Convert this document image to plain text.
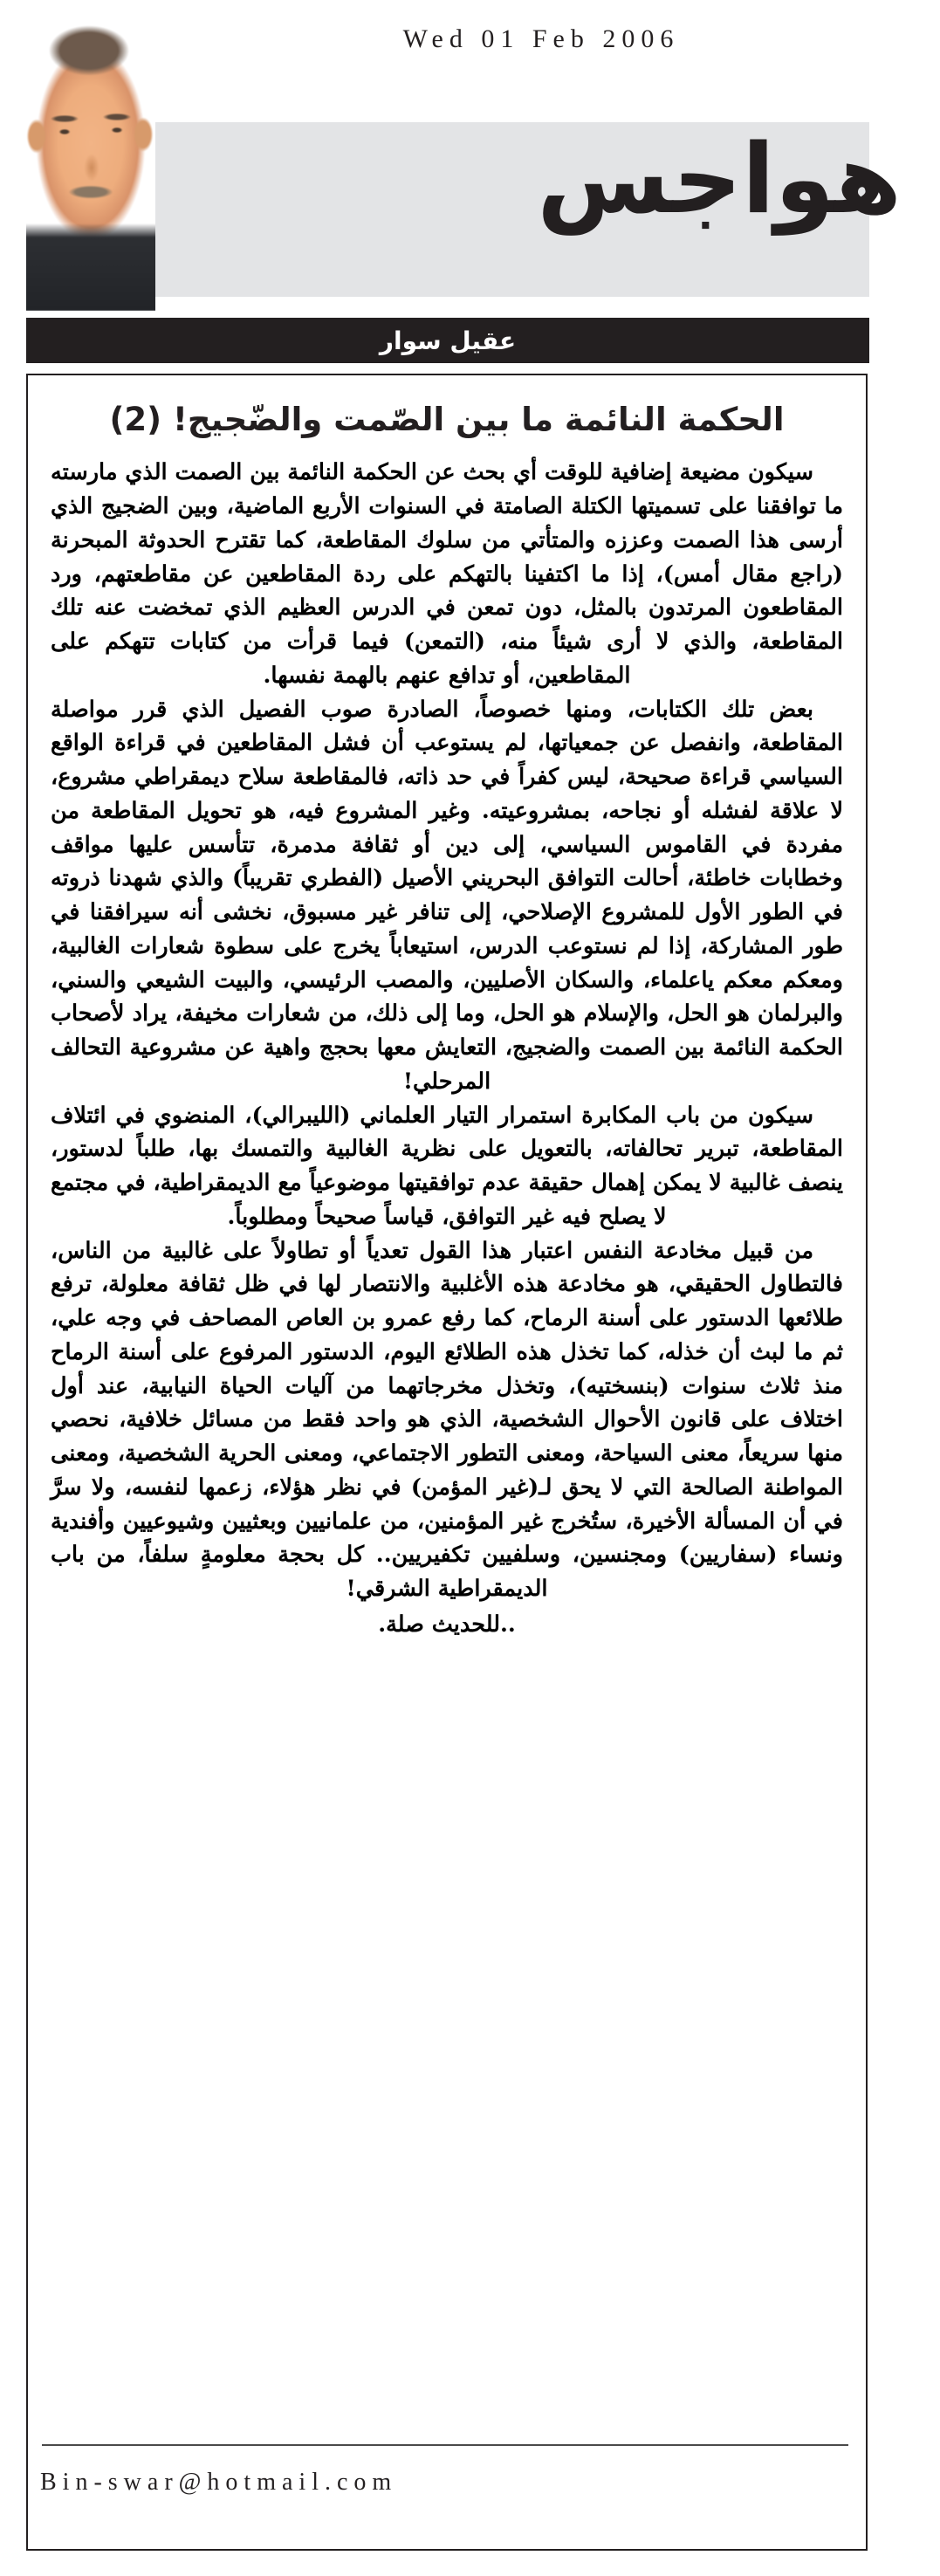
Wed 01 Feb 2006
هواجس
عقيل سوار
الحكمة النائمة ما بين الصّمت والضّجيج! (2)

سيكون مضيعة إضافية للوقت أي بحث عن الحكمة النائمة بين الصمت الذي مارسته ما توافقنا على تسميتها الكتلة الصامتة في السنوات الأربع الماضية، وبين الضجيج الذي أرسى هذا الصمت وعززه والمتأتي من سلوك المقاطعة، كما تقترح الحدوثة المبحرنة (راجع مقال أمس)، إذا ما اكتفينا بالتهكم على ردة المقاطعين عن مقاطعتهم، ورد المقاطعون المرتدون بالمثل، دون تمعن في الدرس العظيم الذي تمخضت عنه تلك المقاطعة، والذي لا أرى شيئاً منه، (التمعن) فيما قرأت من كتابات تتهكم على المقاطعين، أو تدافع عنهم بالهمة نفسها.

بعض تلك الكتابات، ومنها خصوصاً، الصادرة صوب الفصيل الذي قرر مواصلة المقاطعة، وانفصل عن جمعياتها، لم يستوعب أن فشل المقاطعين في قراءة الواقع السياسي قراءة صحيحة، ليس كفراً في حد ذاته، فالمقاطعة سلاح ديمقراطي مشروع، لا علاقة لفشله أو نجاحه، بمشروعيته. وغير المشروع فيه، هو تحويل المقاطعة من مفردة في القاموس السياسي، إلى دين أو ثقافة مدمرة، تتأسس عليها مواقف وخطابات خاطئة، أحالت التوافق البحريني الأصيل (الفطري تقريباً) والذي شهدنا ذروته في الطور الأول للمشروع الإصلاحي، إلى تنافر غير مسبوق، نخشى أنه سيرافقنا في طور المشاركة، إذا لم نستوعب الدرس، استيعاباً يخرج على سطوة شعارات الغالبية، ومعكم معكم ياعلماء، والسكان الأصليين، والمصب الرئيسي، والبيت الشيعي والسني، والبرلمان هو الحل، والإسلام هو الحل، وما إلى ذلك، من شعارات مخيفة، يراد لأصحاب الحكمة النائمة بين الصمت والضجيج، التعايش معها بحجج واهية عن مشروعية التحالف المرحلي!

سيكون من باب المكابرة استمرار التيار العلماني (الليبرالي)، المنضوي في ائتلاف المقاطعة، تبرير تحالفاته، بالتعويل على نظرية الغالبية والتمسك بها، طلباً لدستور، ينصف غالبية لا يمكن إهمال حقيقة عدم توافقيتها موضوعياً مع الديمقراطية، في مجتمع لا يصلح فيه غير التوافق، قياساً صحيحاً ومطلوباً.

من قبيل مخادعة النفس اعتبار هذا القول تعدياً أو تطاولاً على غالبية من الناس، فالتطاول الحقيقي، هو مخادعة هذه الأغلبية والانتصار لها في ظل ثقافة معلولة، ترفع طلائعها الدستور على أسنة الرماح، كما رفع عمرو بن العاص المصاحف في وجه علي، ثم ما لبث أن خذله، كما تخذل هذه الطلائع اليوم، الدستور المرفوع على أسنة الرماح منذ ثلاث سنوات (بنسختيه)، وتخذل مخرجاتهما من آليات الحياة النيابية، عند أول اختلاف على قانون الأحوال الشخصية، الذي هو واحد فقط من مسائل خلافية، نحصي منها سريعاً، معنى السياحة، ومعنى التطور الاجتماعي، ومعنى الحرية الشخصية، ومعنى المواطنة الصالحة التي لا يحق لـ(غير المؤمن) في نظر هؤلاء، زعمها لنفسه، ولا سرَّ في أن المسألة الأخيرة، ستُخرج غير المؤمنين، من علمانيين وبعثيين وشيوعيين وأفندية ونساء (سفاريين) ومجنسين، وسلفيين تكفيريين.. كل بحجة معلومةٍ سلفاً، من باب الديمقراطية الشرقي!

..للحديث صلة.
Bin-swar@hotmail.com
